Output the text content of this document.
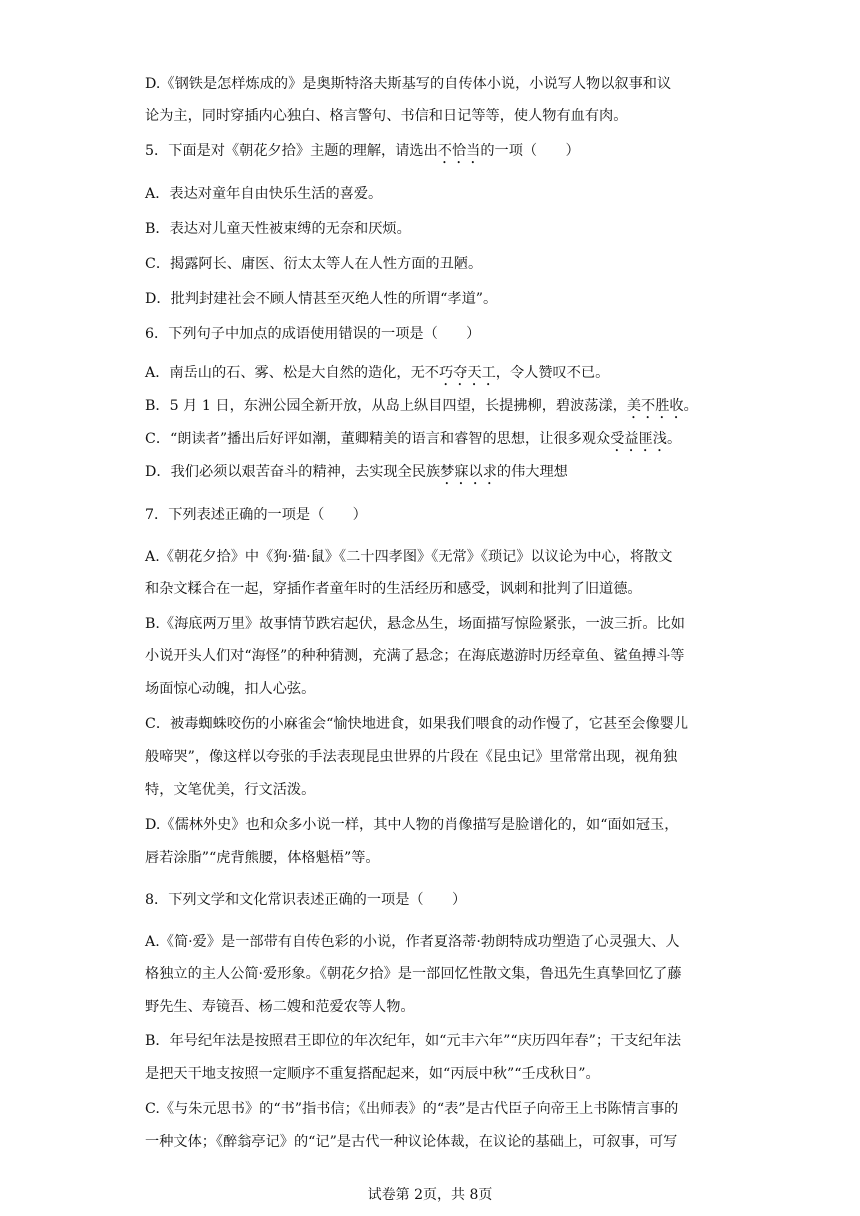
D.《钢铁是怎样炼成的》是奥斯特洛夫斯基写的自传体小说，小说写人物以叙事和议
论为主，同时穿插内心独白、格言警句、书信和日记等等，使人物有血有肉。
5．下面是对《朝花夕拾》主题的理解，请选出不恰当的一项（　　）
A．表达对童年自由快乐生活的喜爱。
B．表达对儿童天性被束缚的无奈和厌烦。
C．揭露阿长、庸医、衍太太等人在人性方面的丑陋。
D．批判封建社会不顾人情甚至灭绝人性的所谓“孝道”。
6．下列句子中加点的成语使用错误的一项是（　　）
A．南岳山的石、雾、松是大自然的造化，无不巧夺天工，令人赞叹不已。
B．5 月 1 日，东洲公园全新开放，从岛上纵目四望，长提拂柳，碧波荡漾，美不胜收。
C．“朗读者”播出后好评如潮，董卿精美的语言和睿智的思想，让很多观众受益匪浅。
D．我们必须以艰苦奋斗的精神，去实现全民族梦寐以求的伟大理想
7．下列表述正确的一项是（　　）
A.《朝花夕拾》中《狗·猫·鼠》《二十四孝图》《无常》《琐记》以议论为中心，将散文
和杂文糅合在一起，穿插作者童年时的生活经历和感受，讽刺和批判了旧道德。
B.《海底两万里》故事情节跌宕起伏，悬念丛生，场面描写惊险紧张，一波三折。比如
小说开头人们对“海怪”的种种猜测，充满了悬念；在海底遨游时历经章鱼、鲨鱼搏斗等
场面惊心动魄，扣人心弦。
C．被毒蜘蛛咬伤的小麻雀会“愉快地进食，如果我们喂食的动作慢了，它甚至会像婴儿
般啼哭”，像这样以夸张的手法表现昆虫世界的片段在《昆虫记》里常常出现，视角独
特，文笔优美，行文活泼。
D.《儒林外史》也和众多小说一样，其中人物的肖像描写是脸谱化的，如“面如冠玉，
唇若涂脂”“虎背熊腰，体格魁梧”等。
8．下列文学和文化常识表述正确的一项是（　　）
A.《简·爱》是一部带有自传色彩的小说，作者夏洛蒂·勃朗特成功塑造了心灵强大、人
格独立的主人公简·爱形象。《朝花夕拾》是一部回忆性散文集，鲁迅先生真挚回忆了藤
野先生、寿镜吾、杨二嫂和范爱农等人物。
B．年号纪年法是按照君王即位的年次纪年，如“元丰六年”“庆历四年春”；干支纪年法
是把天干地支按照一定顺序不重复搭配起来，如“丙辰中秋”“壬戌秋日”。
C.《与朱元思书》的“书”指书信；《出师表》的“表”是古代臣子向帝王上书陈情言事的
一种文体；《醉翁亭记》的“记”是古代一种议论体裁，在议论的基础上，可叙事，可写
试卷第 2页，共 8页
